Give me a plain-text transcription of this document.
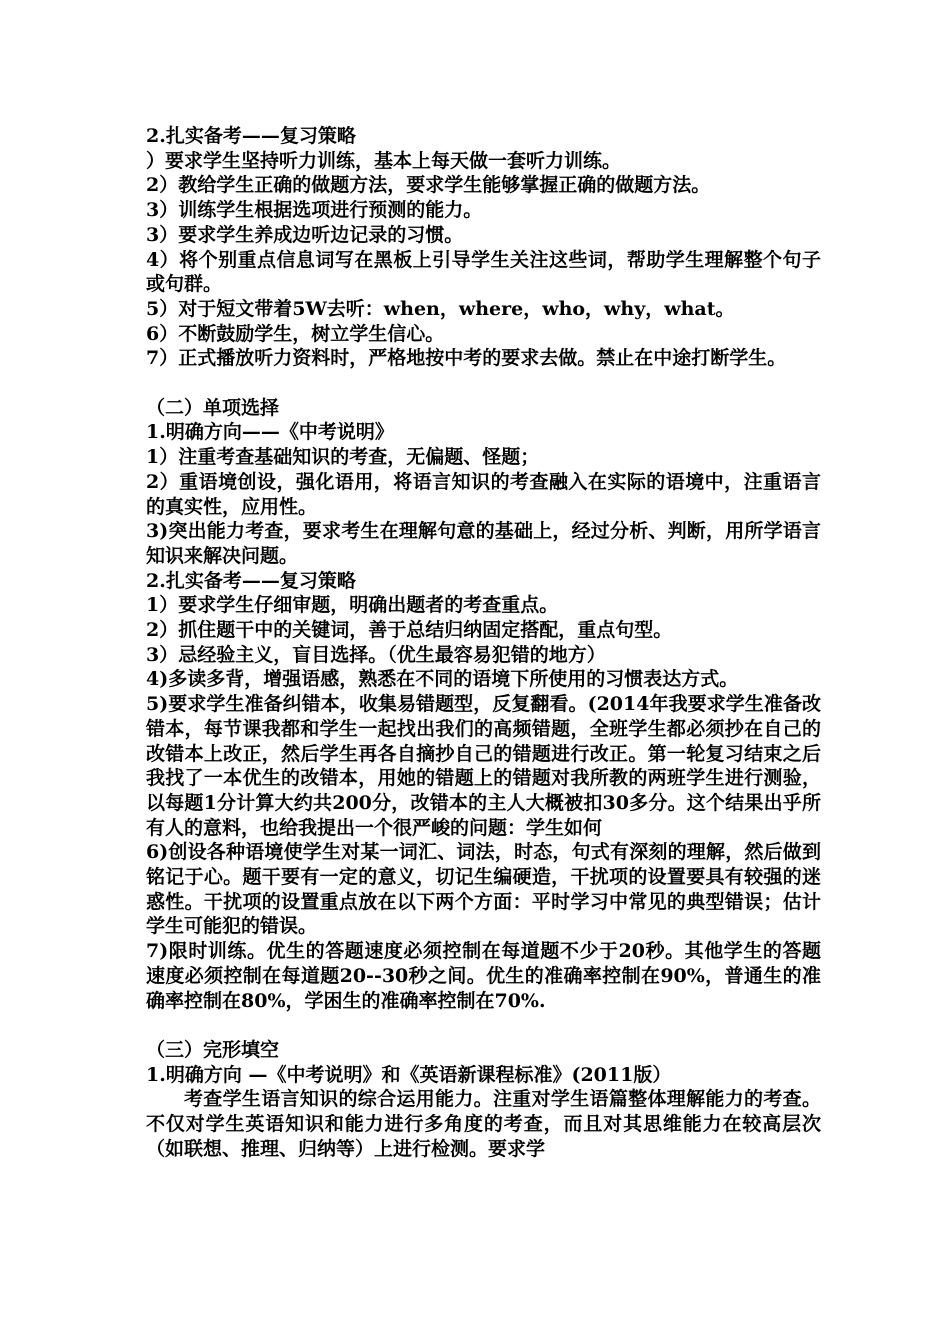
2.扎实备考——复习策略

）要求学生坚持听力训练，基本上每天做一套听力训练。

2）教给学生正确的做题方法，要求学生能够掌握正确的做题方法。

3）训练学生根据选项进行预测的能力。

3）要求学生养成边听边记录的习惯。

4）将个别重点信息词写在黑板上引导学生关注这些词，帮助学生理解整个句子或句群。

5）对于短文带着5W去听：when，where，who，why，what。

6）不断鼓励学生，树立学生信心。

7）正式播放听力资料时，严格地按中考的要求去做。禁止在中途打断学生。

（二）单项选择

1.明确方向——《中考说明》

1）注重考查基础知识的考查，无偏题、怪题；

2）重语境创设，强化语用，将语言知识的考查融入在实际的语境中，注重语言的真实性，应用性。

3)突出能力考查，要求考生在理解句意的基础上，经过分析、判断，用所学语言知识来解决问题。

2.扎实备考——复习策略

1）要求学生仔细审题，明确出题者的考查重点。

2）抓住题干中的关键词，善于总结归纳固定搭配，重点句型。

3）忌经验主义，盲目选择。（优生最容易犯错的地方）

4)多读多背，增强语感，熟悉在不同的语境下所使用的习惯表达方式。

5)要求学生准备纠错本，收集易错题型，反复翻看。(2014年我要求学生准备改错本，每节课我都和学生一起找出我们的高频错题，全班学生都必须抄在自己的改错本上改正，然后学生再各自摘抄自己的错题进行改正。第一轮复习结束之后我找了一本优生的改错本，用她的错题上的错题对我所教的两班学生进行测验，以每题1分计算大约共200分，改错本的主人大概被扣30多分。这个结果出乎所有人的意料，也给我提出一个很严峻的问题：学生如何

6)创设各种语境使学生对某一词汇、词法，时态，句式有深刻的理解，然后做到铭记于心。题干要有一定的意义，切记生编硬造，干扰项的设置要具有较强的迷惑性。干扰项的设置重点放在以下两个方面：平时学习中常见的典型错误；估计学生可能犯的错误。

7)限时训练。优生的答题速度必须控制在每道题不少于20秒。其他学生的答题速度必须控制在每道题20--30秒之间。优生的准确率控制在90%，普通生的准确率控制在80%，学困生的准确率控制在70%.

（三）完形填空

1.明确方向 —《中考说明》和《英语新课程标准》(2011版）

考查学生语言知识的综合运用能力。注重对学生语篇整体理解能力的考查。不仅对学生英语知识和能力进行多角度的考查，而且对其思维能力在较高层次（如联想、推理、归纳等）上进行检测。要求学
